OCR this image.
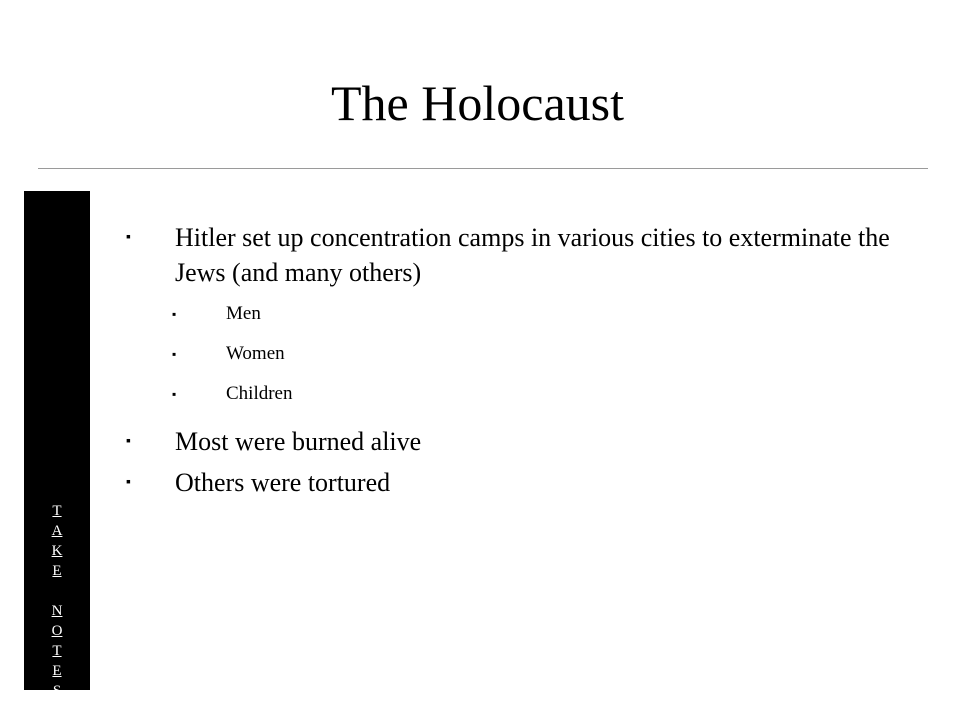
The Holocaust
T
A
K
E

N
O
T
E
S
▪ Hitler set up concentration camps in various cities to exterminate the Jews (and many others)
▪	Men
▪	Women
▪	Children
▪ Most were burned alive
▪ Others were tortured
